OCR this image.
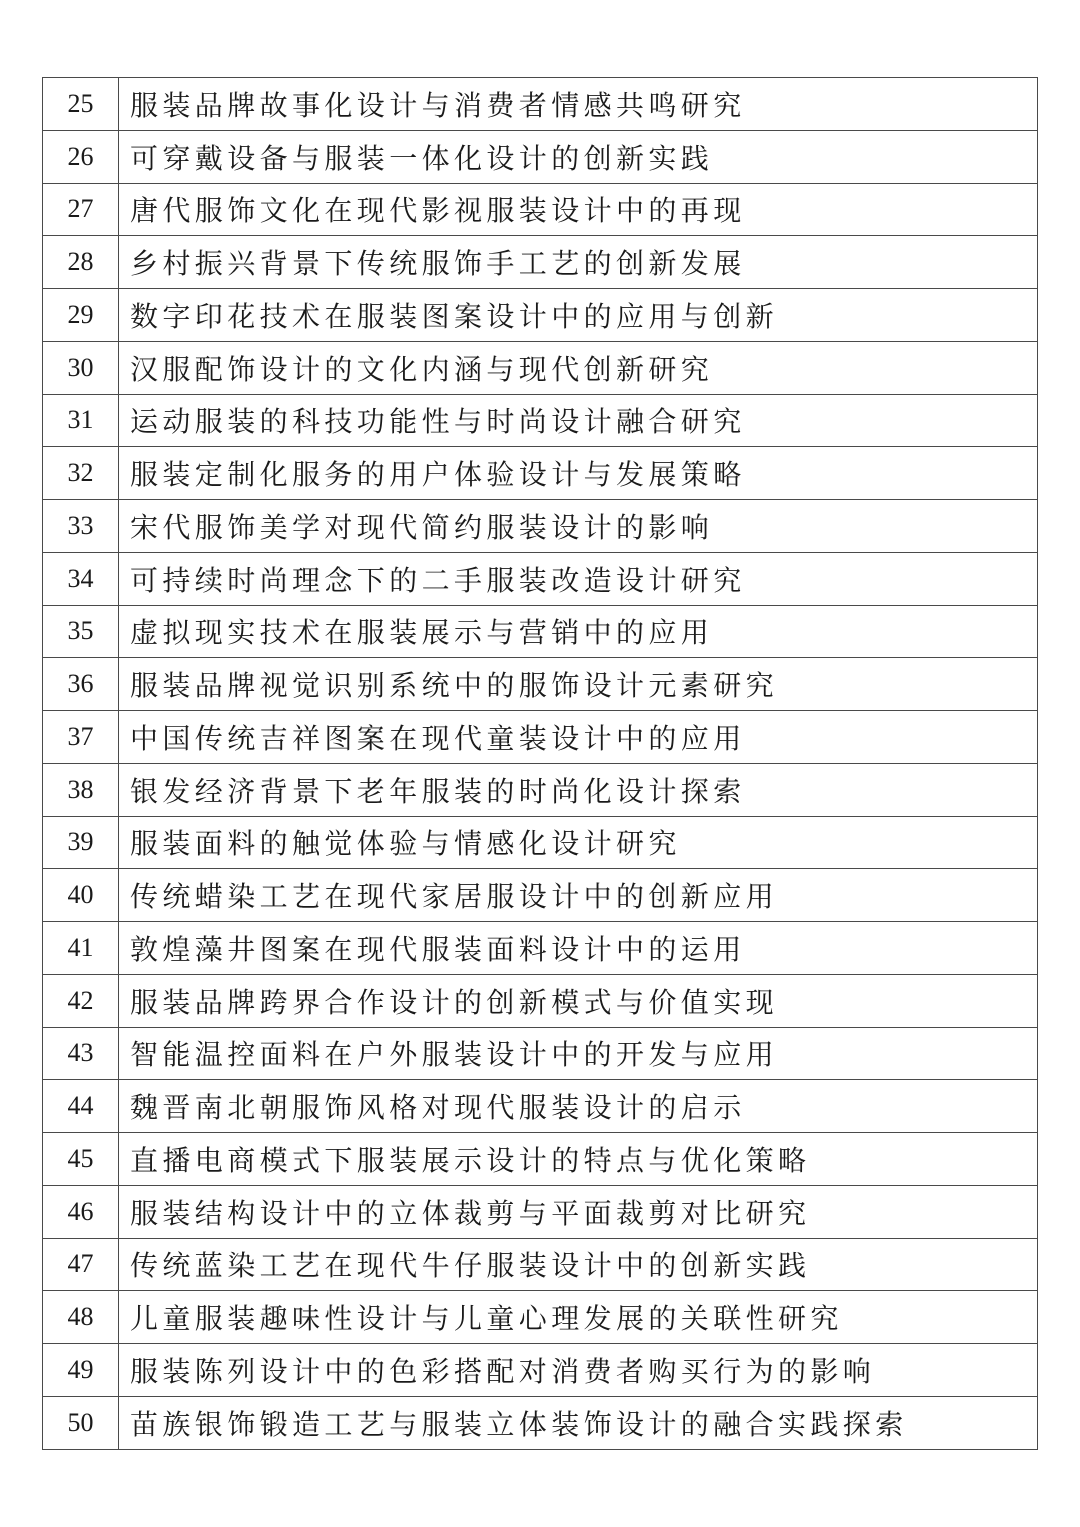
25	服装品牌故事化设计与消费者情感共鸣研究
26	可穿戴设备与服装一体化设计的创新实践
27	唐代服饰文化在现代影视服装设计中的再现
28	乡村振兴背景下传统服饰手工艺的创新发展
29	数字印花技术在服装图案设计中的应用与创新
30	汉服配饰设计的文化内涵与现代创新研究
31	运动服装的科技功能性与时尚设计融合研究
32	服装定制化服务的用户体验设计与发展策略
33	宋代服饰美学对现代简约服装设计的影响
34	可持续时尚理念下的二手服装改造设计研究
35	虚拟现实技术在服装展示与营销中的应用
36	服装品牌视觉识别系统中的服饰设计元素研究
37	中国传统吉祥图案在现代童装设计中的应用
38	银发经济背景下老年服装的时尚化设计探索
39	服装面料的触觉体验与情感化设计研究
40	传统蜡染工艺在现代家居服设计中的创新应用
41	敦煌藻井图案在现代服装面料设计中的运用
42	服装品牌跨界合作设计的创新模式与价值实现
43	智能温控面料在户外服装设计中的开发与应用
44	魏晋南北朝服饰风格对现代服装设计的启示
45	直播电商模式下服装展示设计的特点与优化策略
46	服装结构设计中的立体裁剪与平面裁剪对比研究
47	传统蓝染工艺在现代牛仔服装设计中的创新实践
48	儿童服装趣味性设计与儿童心理发展的关联性研究
49	服装陈列设计中的色彩搭配对消费者购买行为的影响
50	苗族银饰锻造工艺与服装立体装饰设计的融合实践探索
